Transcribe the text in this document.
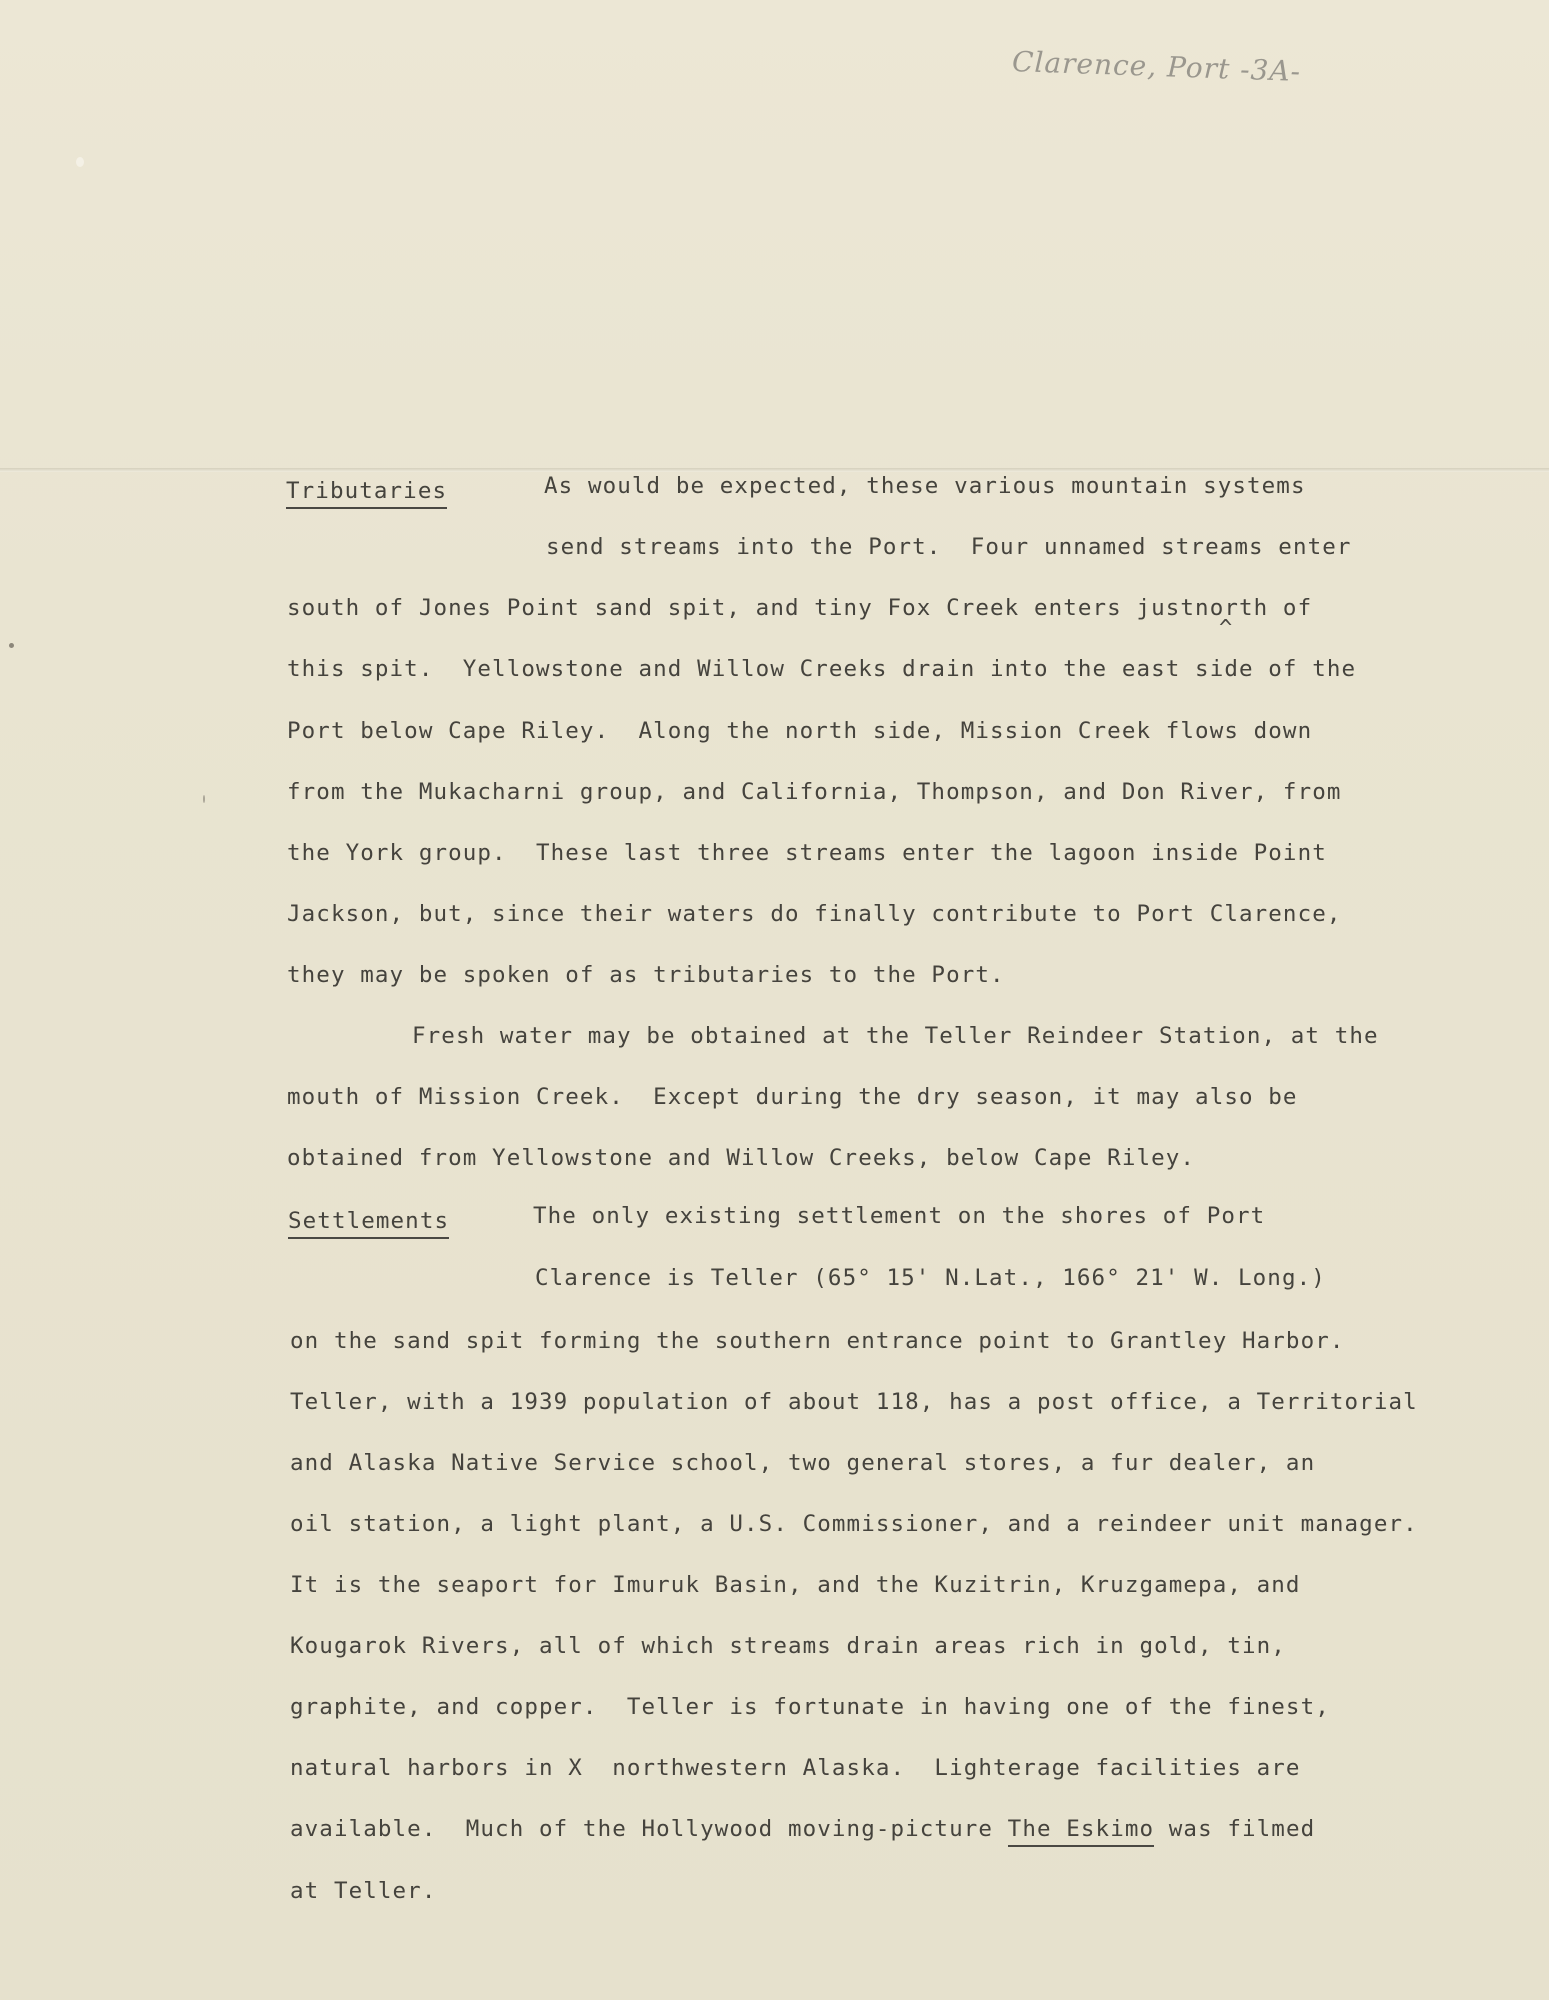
Clarence, Port -3A-
Tributaries	As would be expected, these various mountain systems
send streams into the Port.  Four unnamed streams enter
south of Jones Point sand spit, and tiny Fox Creek enters justnorth of
^
this spit.  Yellowstone and Willow Creeks drain into the east side of the
Port below Cape Riley.  Along the north side, Mission Creek flows down
from the Mukacharni group, and California, Thompson, and Don River, from
the York group.  These last three streams enter the lagoon inside Point
Jackson, but, since their waters do finally contribute to Port Clarence,
they may be spoken of as tributaries to the Port.
Fresh water may be obtained at the Teller Reindeer Station, at the
mouth of Mission Creek.  Except during the dry season, it may also be
obtained from Yellowstone and Willow Creeks, below Cape Riley.
Settlements	The only existing settlement on the shores of Port
Clarence is Teller (65° 15' N.Lat., 166° 21' W. Long.)
on the sand spit forming the southern entrance point to Grantley Harbor.
Teller, with a 1939 population of about 118, has a post office, a Territorial
and Alaska Native Service school, two general stores, a fur dealer, an
oil station, a light plant, a U.S. Commissioner, and a reindeer unit manager.
It is the seaport for Imuruk Basin, and the Kuzitrin, Kruzgamepa, and
Kougarok Rivers, all of which streams drain areas rich in gold, tin,
graphite, and copper.  Teller is fortunate in having one of the finest,
natural harbors in X  northwestern Alaska.  Lighterage facilities are
available.  Much of the Hollywood moving-picture The Eskimo was filmed
at Teller.
